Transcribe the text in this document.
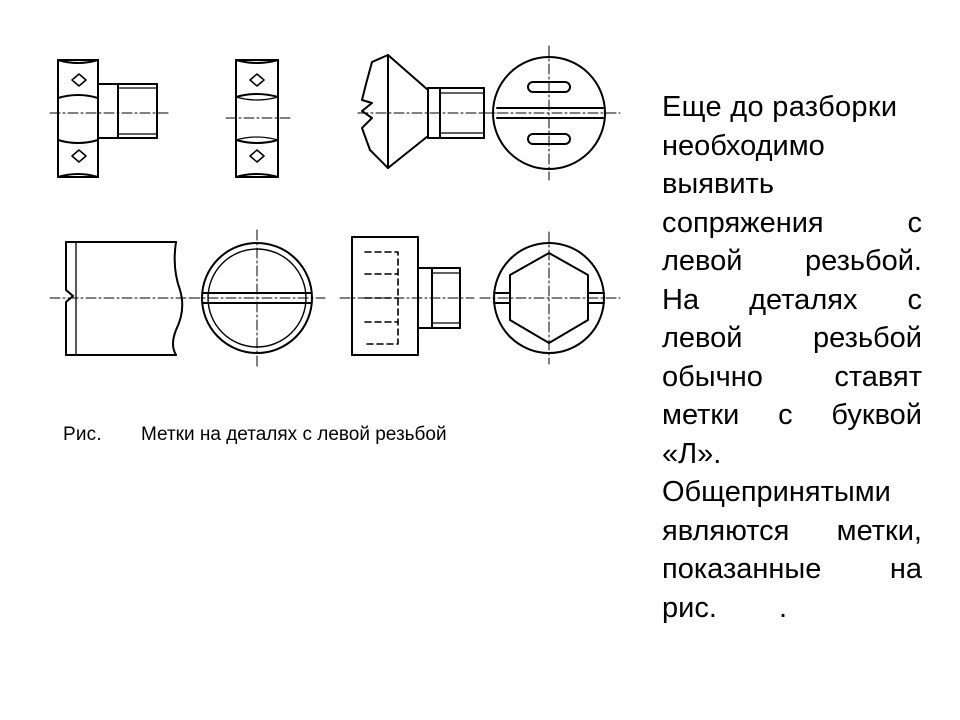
Рис. Метки на деталях с левой резьбой
Еще до разборки
необходимо
выявить
сопряжения	с
левой резьбой.
На деталях с
левой резьбой
обычно ставят
метки с буквой
«Л».
Общепринятыми
являются метки,
показанные на
рис. .
